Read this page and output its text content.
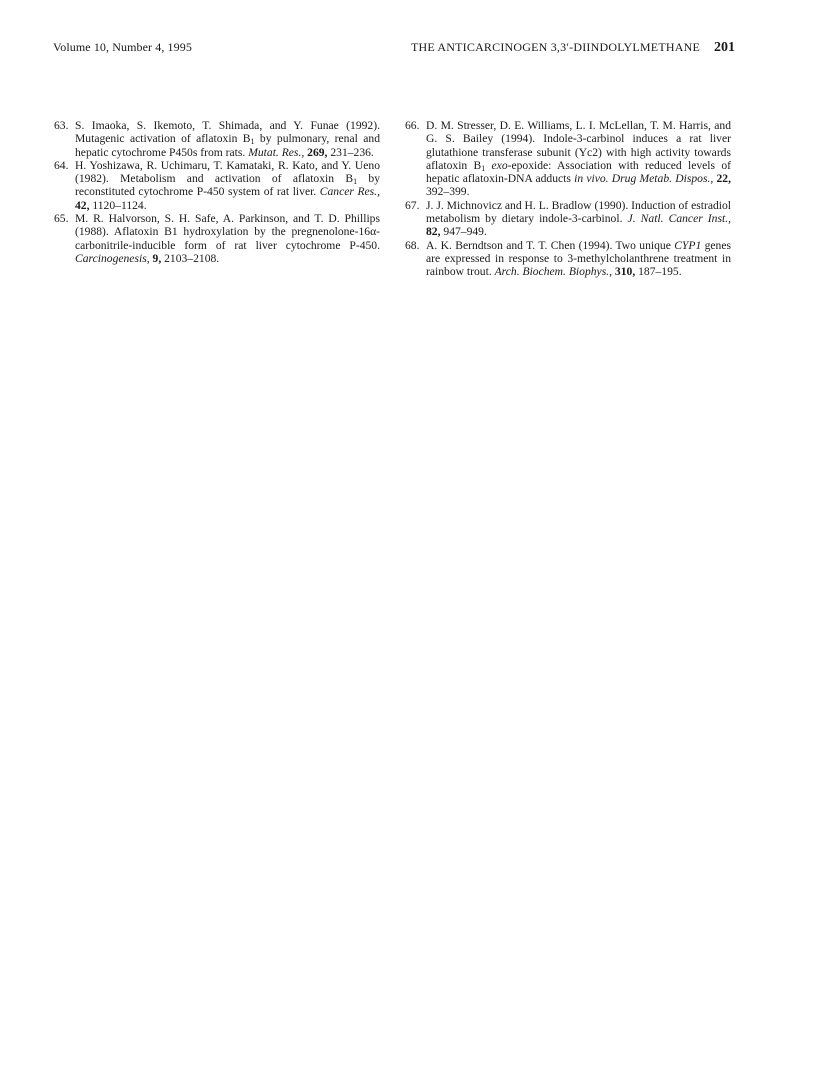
Volume 10, Number 4, 1995	THE ANTICARCINOGEN 3,3′-DIINDOLYLMETHANE 201

63. S. Imaoka, S. Ikemoto, T. Shimada, and Y. Funae (1992). Mutagenic activation of aflatoxin $B_1$ by pulmonary, renal and hepatic cytochrome P450s from rats. Mutat. Res., 269, 231–236.

64. H. Yoshizawa, R. Uchimaru, T. Kamataki, R. Kato, and Y. Ueno (1982). Metabolism and activation of aflatoxin $B_1$ by reconstituted cytochrome P-450 system of rat liver. Cancer Res., 42, 1120–1124.

65. M. R. Halvorson, S. H. Safe, A. Parkinson, and T. D. Phillips (1988). Aflatoxin B1 hydroxylation by the pregnenolone-16α-carbonitrile-inducible form of rat liver cytochrome P-450. Carcinogenesis, 9, 2103–2108.

66. D. M. Stresser, D. E. Williams, L. I. McLellan, T. M. Harris, and G. S. Bailey (1994). Indole-3-carbinol induces a rat liver glutathione transferase subunit (Yc2) with high activity towards aflatoxin $B_1$ exo-epoxide: Association with reduced levels of hepatic aflatoxin-DNA adducts in vivo. Drug Metab. Dispos., 22, 392–399.

67. J. J. Michnovicz and H. L. Bradlow (1990). Induction of estradiol metabolism by dietary indole-3-carbinol. J. Natl. Cancer Inst., 82, 947–949.

68. A. K. Berndtson and T. T. Chen (1994). Two unique CYP1 genes are expressed in response to 3-methylcholanthrene treatment in rainbow trout. Arch. Biochem. Biophys., 310, 187–195.
